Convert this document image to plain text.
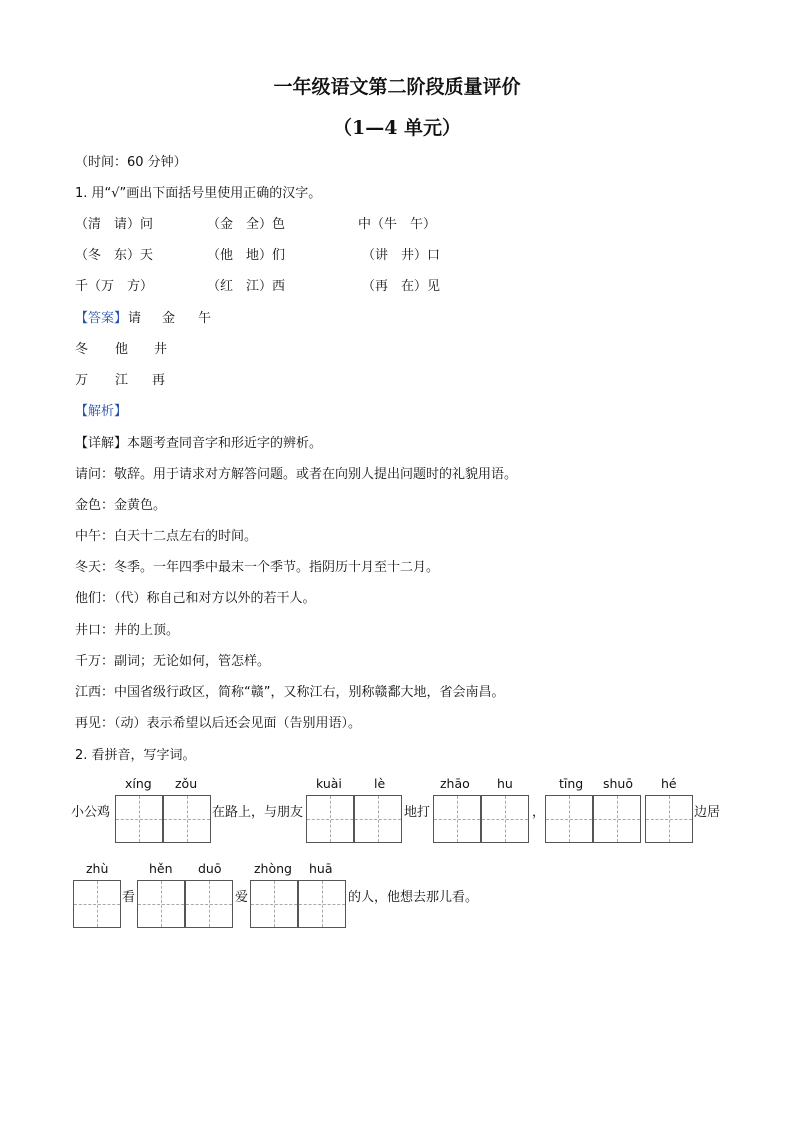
一年级语文第二阶段质量评价
（1—4 单元）
（时间：60 分钟）
1. 用“√”画出下面括号里使用正确的汉字。
（清　请）问	（金　全）色	中（牛　午）
（冬　东）天	（他　地）们	（讲　井）口
千（万　方）	（红　江）西	（再　在）见
【答案】 请 金 午
冬 他 井
万 江 再
【解析】
【详解】本题考查同音字和形近字的辨析。
请问：敬辞。用于请求对方解答问题。或者在向别人提出问题时的礼貌用语。
金色：金黄色。
中午：白天十二点左右的时间。
冬天：冬季。一年四季中最末一个季节。指阴历十月至十二月。
他们：（代）称自己和对方以外的若干人。
井口：井的上顶。
千万：副词；无论如何，管怎样。
江西：中国省级行政区，简称“赣”，又称江右，别称赣鄱大地，省会南昌。
再见：（动）表示希望以后还会见面（告别用语）。
2. 看拼音，写字词。
小公鸡
xíng zǒu
在路上，与朋友
kuài	lè
地打
zhāo hu
，
tīng shuō hé
边居
zhù
看
hěn duō
爱
zhòng huā
的人，他想去那儿看。
